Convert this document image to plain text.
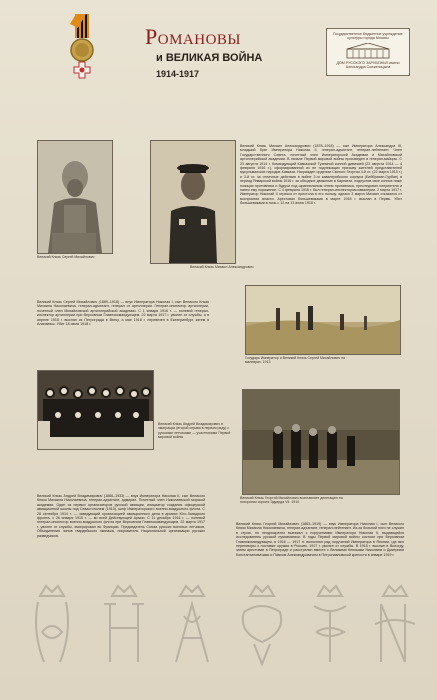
Романовы
и ВЕЛИКАЯ ВОЙНА
1914-1917
Государственное бюджетное учреждение культуры города Москвы
ДОМ РУССКОГО ЗАРУБЕЖЬЯ имени Александра Солженицына
Великий Князь Сергей Михайлович
Великий Князь Михаил Александрович
Великий Князь Михаил Александрович (1878–1918) — сын Императора Александра III, младший брат Императора Николая II, генерал-адъютант, генерал-лейтенант. Член Государственного Совета, почетный член Императорской Академии и Михайловской артиллерийской академии. В начале Первой мировой войны произведен в генерал-майоры. С 23 августа 1914 г. Командующий Кавказской Туземной конной дивизией (23 августа 1914 — 4 февраля 1916 г.), сформированной из не подлежащих призыву жителей представителей мусульманских народов Кавказа. Награжден орденом Святого Георгия 4-й ст. (22 марта 1915 г.) и 3-й ст. за отличные действия в войне 2-го кавалерийского корпуса (Бейбрахан-Гурбан) в период Январской войны 1916 г. за обходное движение в Карпатах, подпустив свое конное ниже позиции противника и будучи под шрапнельным огнем противника, преследовал неприятеля и нанес ему поражение. С 4 февраля 1916 г. был генерал-инспектором кавалерии. 2 марта 1917 г. Император Николай II отрекся от престола в его пользу, однако 3 марта Михаил отказался от восприятия власти. Арестован большевиками в марте 1918 г. выслан в Пермь. Убит большевиками в ночь с 12 на 13 июня 1918 г.
Великий Князь Сергей Михайлович (1869–1918) — внук Императора Николая I, сын Великого Князя Михаила Николаевича, генерал-адъютант, генерал от артиллерии. Генерал-инспектор артиллерии, почетный член Михайловской артиллерийской академии. С 1 января 1916 г. — полевой генерал-инспектор артиллерии при Верховном Главнокомандующем. 22 марта 1917 г. уволен от службы, а в апреле 1918 г. выслан из Петрограда в Вятку, а мае 1918 г. перевезен в Екатеринбург, затем в Алапаевск. Убит 18 июля 1918 г.
Государь Император и Великий Князь Сергей Михайлович на маневрах. 1913
Великий Князь Андрей Владимирович в эмиграции (второй справа в первом ряду) с русскими летчиками — участниками Первой мировой войны
Великий Князь Георгий Михайлович возглавляет делегацию на похоронах короля Эдуарда VII. 1910
Великий Князь Андрей Владимирович (1866–1933) — внук Императора Николая II, сын Великого Князя Михаила Николаевича, генерал-адъютант, адмирал. Почетный член Николаевской морской академии. Один из первых организаторов русской авиации, инициатор создания офицерской авиационной школы под Севастополем (1910), шеф Императорского военно-воздушного флота. С 28 сентября 1914 г. — заведующий организацией авиационного дела в армиях Юго-Западного фронта, с 26 января 1915 г. — во всей Действующей Армии. С 11 декабря 1916 г. — полевой генерал-инспектор военно-воздушного флота при Верховном Главнокомандующем. 22 марта 1917 г. уволен от службы, эмигрировал во Францию. Председатель Союза русских военных летчиков, Объединения чинов гвардейского экипажа, покровитель Национальной организации русских разведчиков.
Великий Князь Георгий Михайлович (1863–1919) — внук Императора Николая I, сын Великого Князя Михаила Николаевича, генерал-адъютант, генерал-лейтенант. Из-за больной ноги не служил в строю, но неоднократно выезжал с поручениями Императора Николая II, выдающийся исследователь русской нумизматики. В годы Первой мировой войны состоял при Верховном Главнокомандующем, в 1916 — 1917 гг. выполнял ряд поручений Императора в Японии, где вел переговоры о поставке оружия в Россию, 1917 г. уволен от службы. В 1918 г. выслан в Вологду, затем арестован в Петрограде и расстрелян вместе с Великими Князьями Николаем и Дмитрием Константиновичами и Павлом Александровичем в Петропавловской крепости в январе 1919 г.
